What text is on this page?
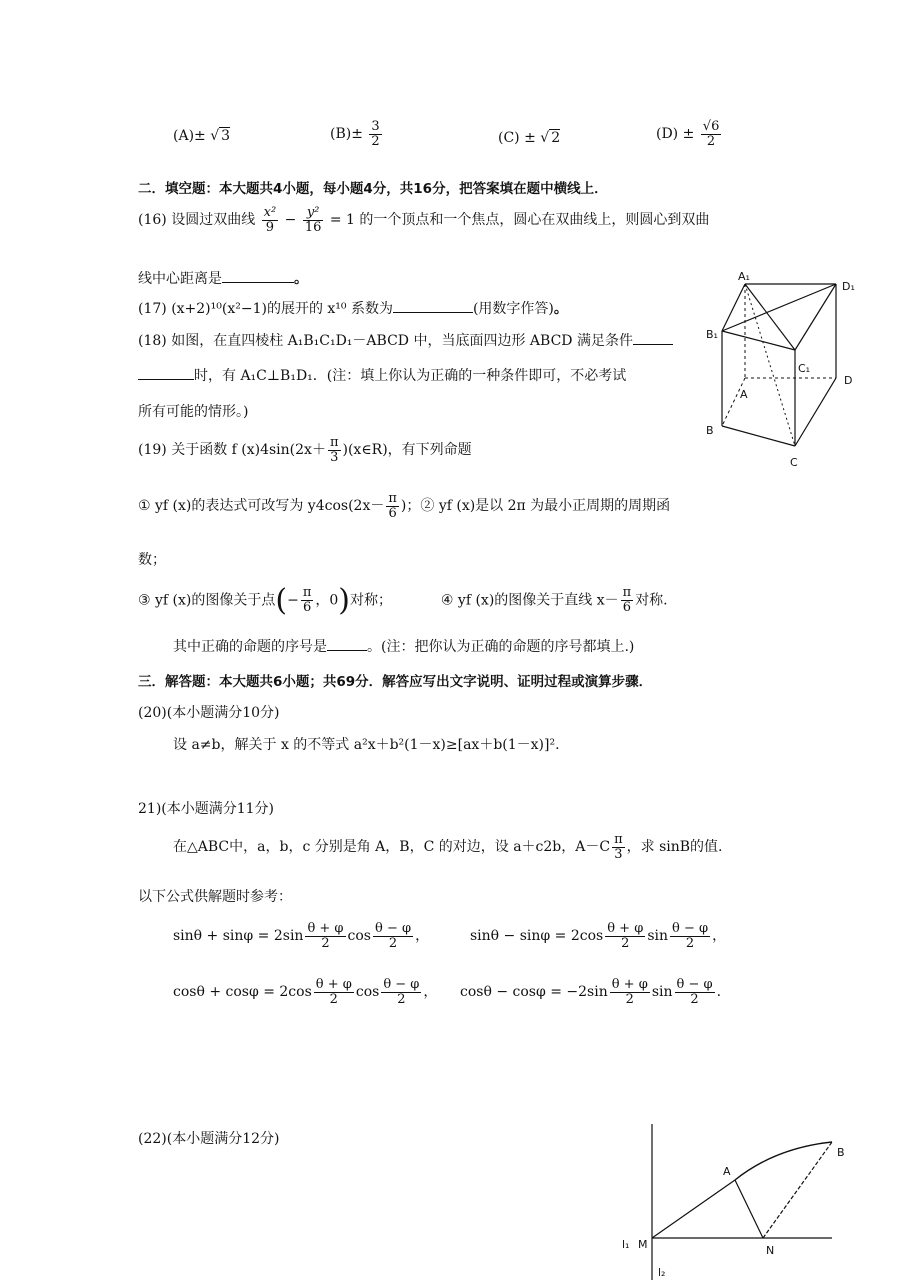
(A)± √ 3	$(B)\pm \frac{3}{2}$	(C) ± √ 2	$(D) \pm \frac{√6}{2}$
二．填空题：本大题共4小题，每小题4分，共16分，把答案填在题中横线上．
(16) 设圆过双曲线 $\frac{\text{x²}}{9} - \frac{\text{y²}}{16} = 1$ 的一个顶点和一个焦点，圆心在双曲线上，则圆心到双曲
线中心距离是	。
(17) (x+2)¹⁰(x²−1)的展开的 x¹⁰ 系数为	(用数字作答)。
(18) 如图，在直四棱柱 A₁B₁C₁D₁－ABCD 中，当底面四边形 ABCD 满足条件
时，有 A₁C⊥B₁D₁．(注：填上你认为正确的一种条件即可，不必考试
所有可能的情形。)
A₁
D₁
B₁
C₁
A
D
B
C
(19) 关于函数 f $(x)4\sin(2x+ \frac{\pi}{3}$ )(x∈R)，有下列命题
① yf (x)的表达式可改写为 $y4\cos(2x- \frac{\pi}{6}$ )；② yf (x)是以 2π 为最小正周期的周期函
数；
③ yf (x)的图像关于点(− $\frac{\pi}{6}$ ，0)对称；	④ yf (x)的图像关于直线 $x- \frac{\pi}{6}$ 对称.
其中正确的命题的序号是	。(注：把你认为正确的命题的序号都填上.)
三．解答题：本大题共6小题；共69分．解答应写出文字说明、证明过程或演算步骤．
(20)(本小题满分10分)
设 a≠b，解关于 x 的不等式 a²x＋b²(1－x)≥[ax＋b(1－x)]².
21)(本小题满分11分)
在△ABC中，a，b，c 分别是角 A，B，C 的对边，设 a＋c2b，$A-C \frac{\pi}{3}$ ，求 sinB的值.
以下公式供解题时参考：
$\sin\theta + \sin\varphi = 2\sin \frac{\theta + \varphi}{2}$ $\cos \frac{\theta - \varphi}{2}$ ，	$\sin\theta - \sin\varphi = 2\cos \frac{\theta + \varphi}{2}$ $\sin \frac{\theta - \varphi}{2}$ ，
$\cos\theta + \cos\varphi = 2\cos \frac{\theta + \varphi}{2}$ $\cos \frac{\theta - \varphi}{2}$ ， $\cos\theta - \cos\varphi = -2\sin \frac{\theta + \varphi}{2}$ $\sin \frac{\theta - \varphi}{2}$ .
(22)(本小题满分12分)
A
B
M	N
l₁
l₂
